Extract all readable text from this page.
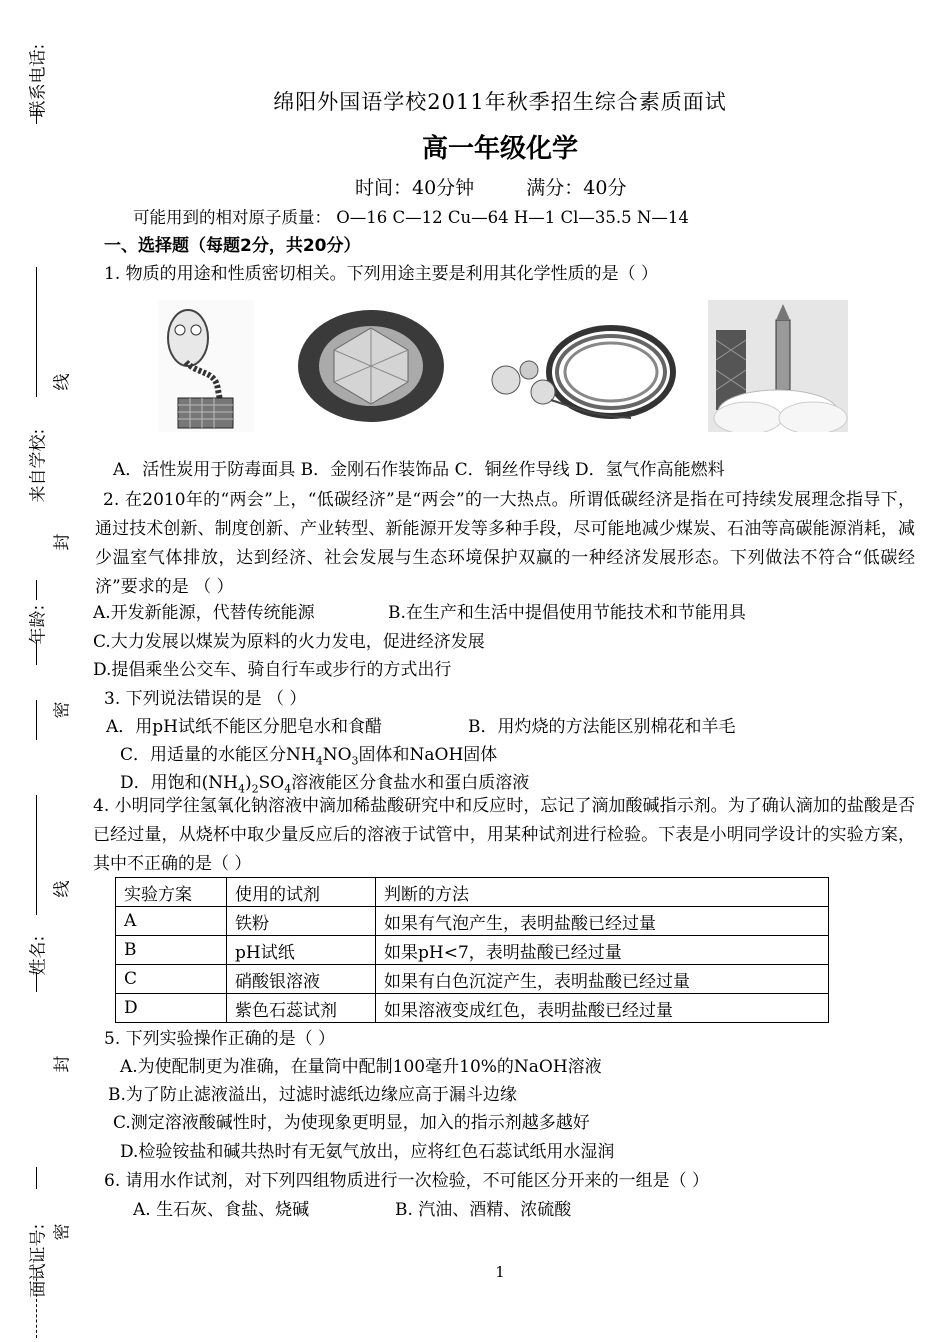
联系电话:
来自学校:
线
封
年龄:
密
线
姓名:
封
密
面试证号:
绵阳外国语学校2011年秋季招生综合素质面试
高一年级化学
时间：40分钟	满分：40分
可能用到的相对原子质量： O—16 C—12 Cu—64 H—1 Cl—35.5 N—14
一、选择题（每题2分，共20分）
1. 物质的用途和性质密切相关。下列用途主要是利用其化学性质的是（ ）
A．活性炭用于防毒面具 B．金刚石作装饰品 C．铜丝作导线 D．氢气作高能燃料
2. 在2010年的“两会”上，“低碳经济”是“两会”的一大热点。所谓低碳经济是指在可持续发展理念指导下，通过技术创新、制度创新、产业转型、新能源开发等多种手段，尽可能地减少煤炭、石油等高碳能源消耗，减少温室气体排放，达到经济、社会发展与生态环境保护双赢的一种经济发展形态。下列做法不符合“低碳经济”要求的是 （ ）
A.开发新能源，代替传统能源	B.在生产和生活中提倡使用节能技术和节能用具
C.大力发展以煤炭为原料的火力发电，促进经济发展
D.提倡乘坐公交车、骑自行车或步行的方式出行
3. 下列说法错误的是 （ ）
A．用pH试纸不能区分肥皂水和食醋	B．用灼烧的方法能区别棉花和羊毛
C．用适量的水能区分$NH_4NO_3$固体和NaOH固体
D．用饱和$(NH_4)_2SO_4$溶液能区分食盐水和蛋白质溶液
4. 小明同学往氢氧化钠溶液中滴加稀盐酸研究中和反应时，忘记了滴加酸碱指示剂。为了确认滴加的盐酸是否已经过量，从烧杯中取少量反应后的溶液于试管中，用某种试剂进行检验。下表是小明同学设计的实验方案，其中不正确的是（ ）
实验方案	使用的试剂	判断的方法
A	铁粉	如果有气泡产生，表明盐酸已经过量
B	pH试纸	如果pH<7，表明盐酸已经过量
C	硝酸银溶液	如果有白色沉淀产生，表明盐酸已经过量
D	紫色石蕊试剂	如果溶液变成红色，表明盐酸已经过量
5. 下列实验操作正确的是（ ）
A.为使配制更为准确，在量筒中配制100毫升10%的NaOH溶液
B.为了防止滤液溢出，过滤时滤纸边缘应高于漏斗边缘
C.测定溶液酸碱性时，为使现象更明显，加入的指示剂越多越好
D.检验铵盐和碱共热时有无氨气放出，应将红色石蕊试纸用水湿润
6. 请用水作试剂，对下列四组物质进行一次检验，不可能区分开来的一组是（ ）
A. 生石灰、食盐、烧碱	B. 汽油、酒精、浓硫酸
1
